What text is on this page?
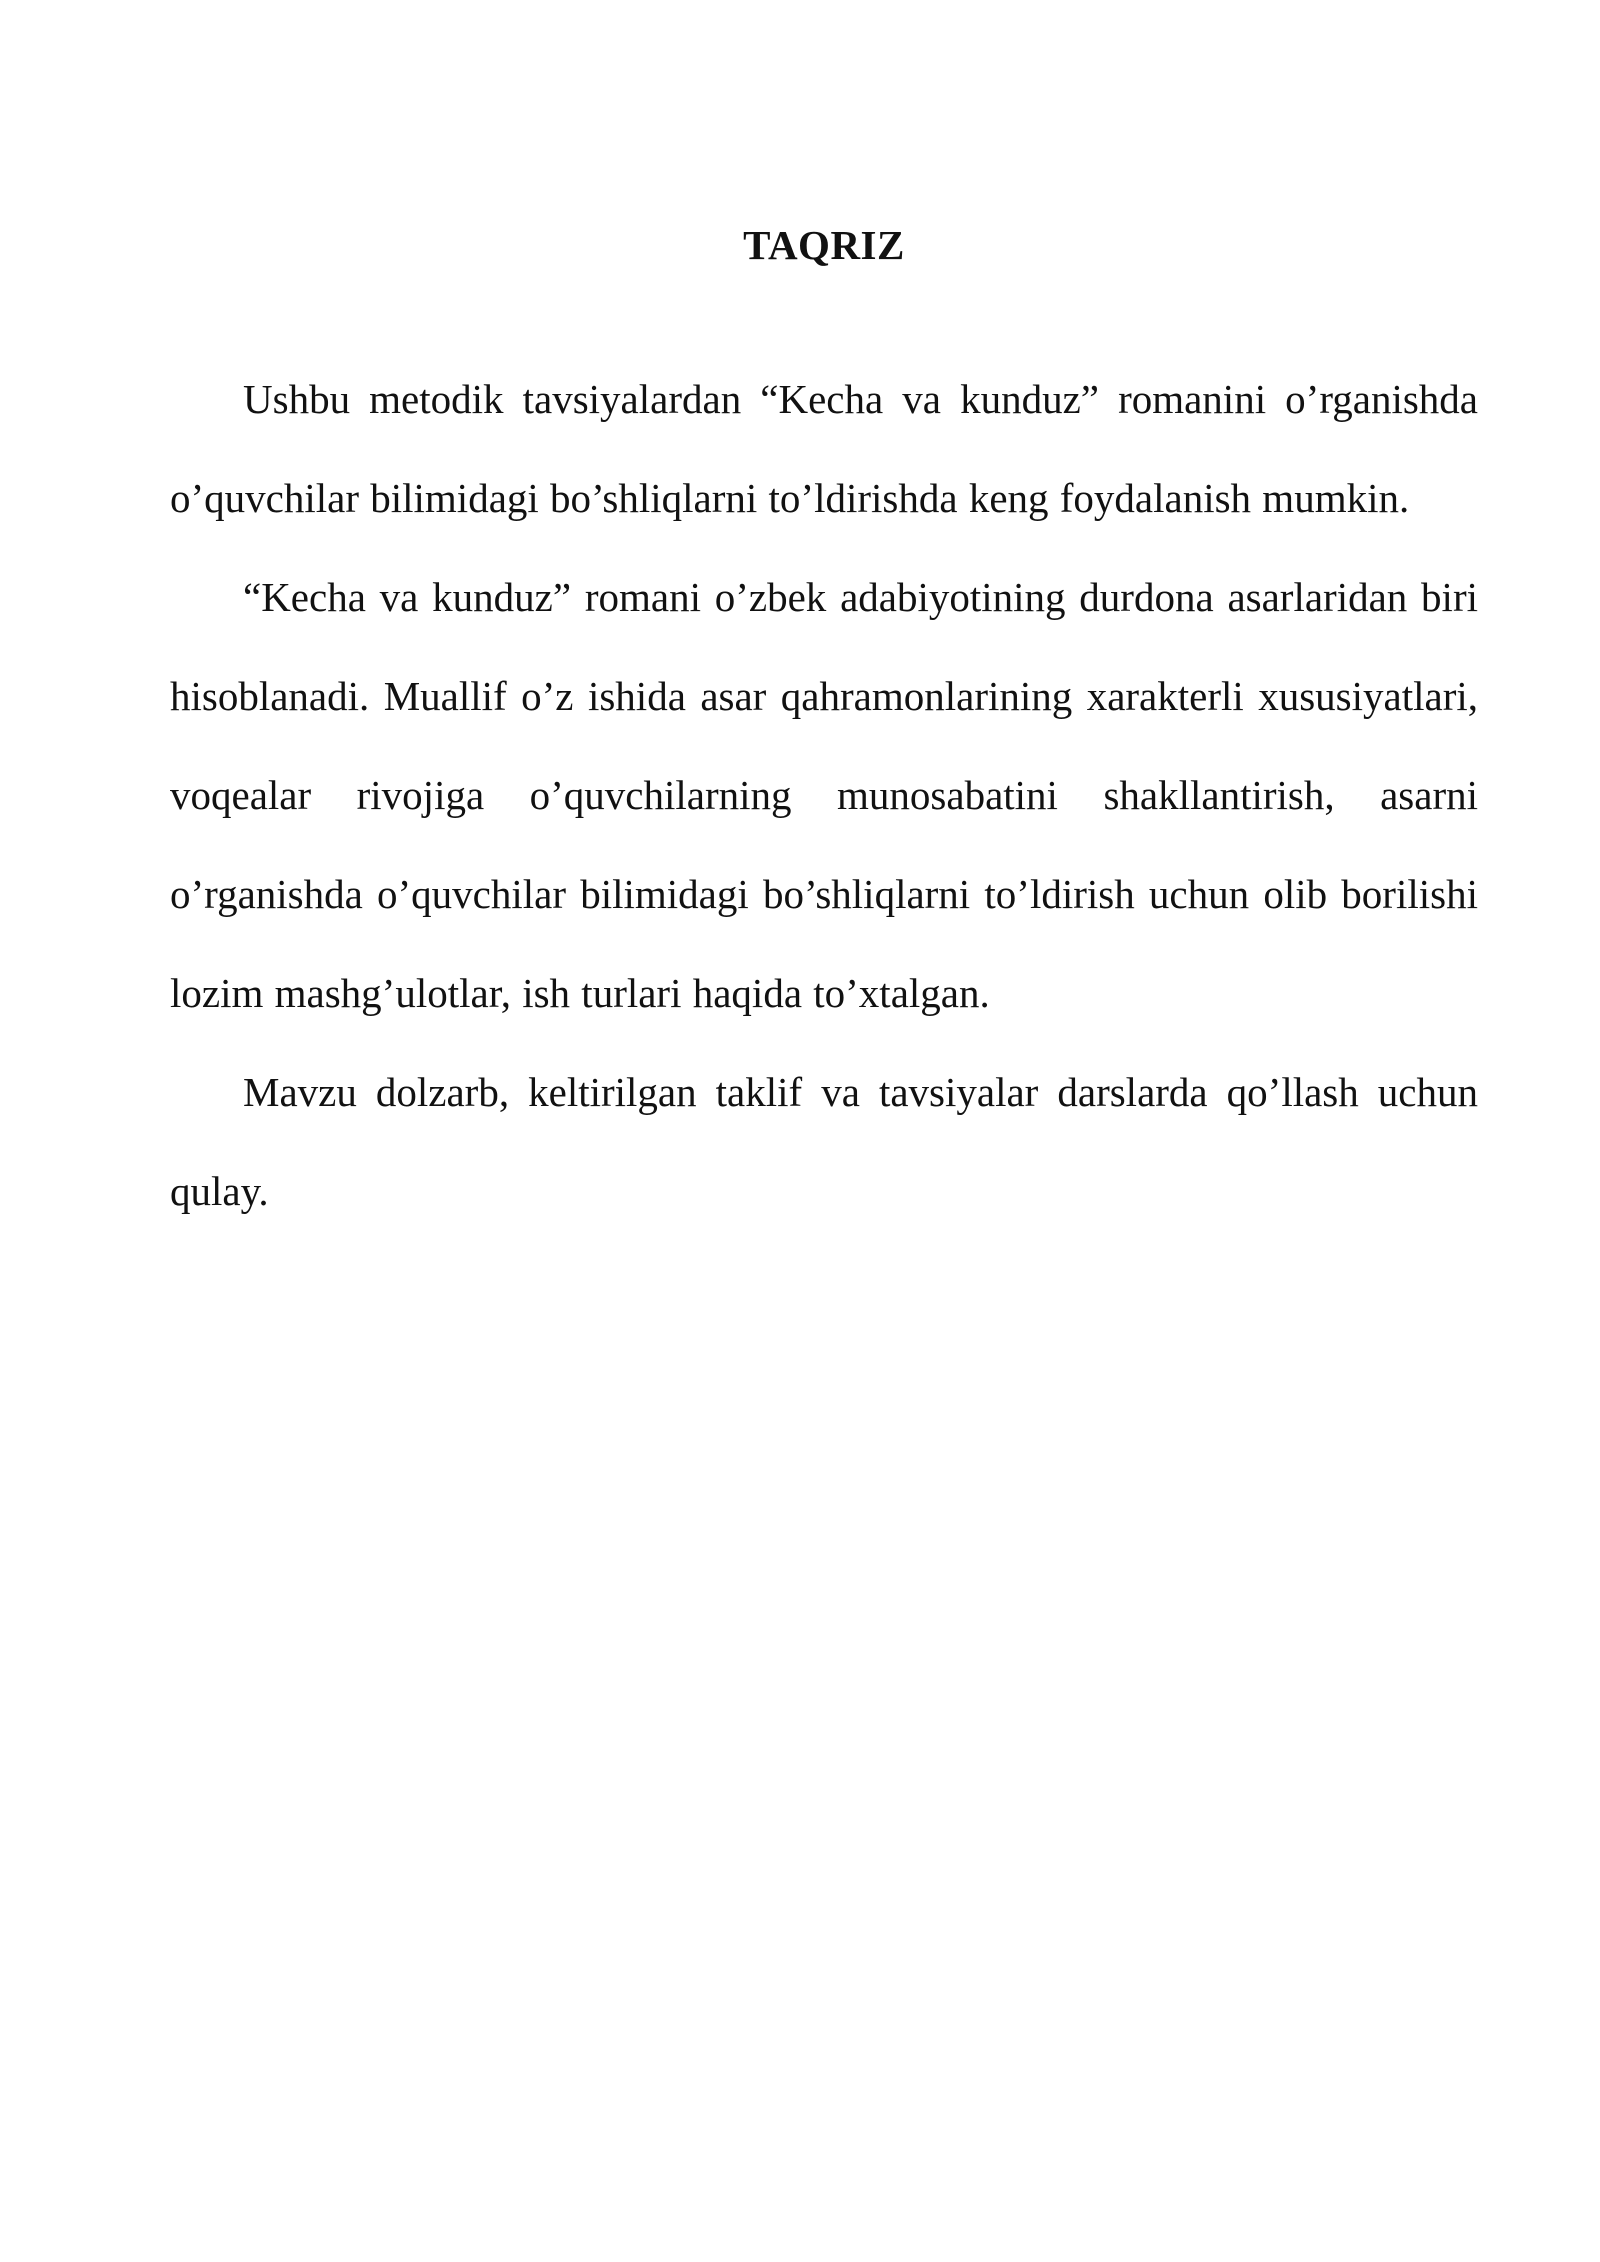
TAQRIZ

Ushbu metodik tavsiyalardan “Kecha va kunduz” romanini o’rganishda o’quvchilar bilimidagi bo’shliqlarni to’ldirishda keng foydalanish mumkin.

“Kecha va kunduz” romani o’zbek adabiyotining durdona asarlaridan biri hisoblanadi. Muallif o’z ishida asar qahramonlarining xarakterli xususiyatlari, voqealar rivojiga o’quvchilarning munosabatini shakllantirish, asarni o’rganishda o’quvchilar bilimidagi bo’shliqlarni to’ldirish uchun olib borilishi lozim mashg’ulotlar, ish turlari haqida to’xtalgan.

Mavzu dolzarb, keltirilgan taklif va tavsiyalar darslarda qo’llash uchun qulay.
